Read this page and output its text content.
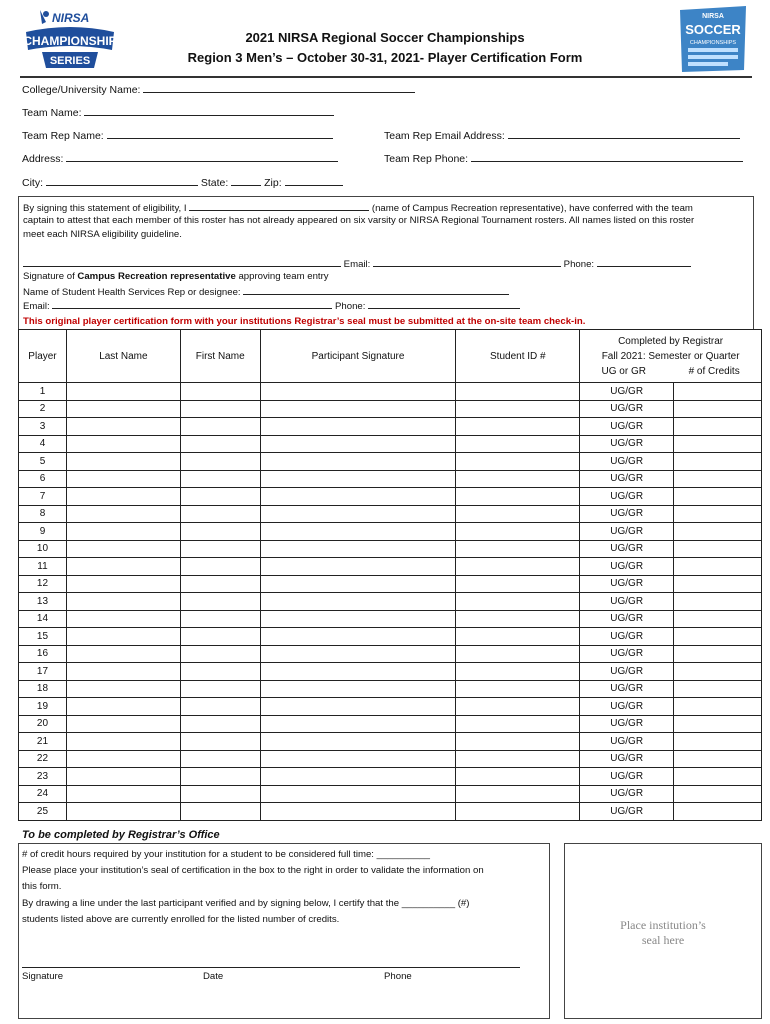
NIRSA
CHAMPIONSHIP
SERIES
NIRSA
SOCCER
CHAMPIONSHIPS
2021 NIRSA Regional Soccer Championships
Region 3 Men’s – October 30-31, 2021- Player Certification Form
College/University Name:
Team Name:
Team Rep Name:	Team Rep Email Address:
Address:	Team Rep Phone:
City:	State:	Zip:
By signing this statement of eligibility, I	(name of Campus Recreation representative), have conferred with the team
captain to attest that each member of this roster has not already appeared on six varsity or NIRSA Regional Tournament rosters. All names listed on this roster
meet each NIRSA eligibility guideline.
Email:	Phone:
Signature of Campus Recreation representative approving team entry
Name of Student Health Services Rep or designee:
Email:	Phone:
This original player certification form with your institutions Registrar’s seal must be submitted at the on-site team check-in.
Player	Last Name	First Name	Participant Signature	Student ID #	Completed by Registrar
Fall 2021: Semester or Quarter
UG or GR # of Credits	

1					UG/GR	
2					UG/GR	
3					UG/GR	
4					UG/GR	
5					UG/GR	
6					UG/GR	
7					UG/GR	
8					UG/GR	
9					UG/GR	
10					UG/GR	
11					UG/GR	
12					UG/GR	
13					UG/GR	
14					UG/GR	
15					UG/GR	
16					UG/GR	
17					UG/GR	
18					UG/GR	
19					UG/GR	
20					UG/GR	
21					UG/GR	
22					UG/GR	
23					UG/GR	
24					UG/GR	
25					UG/GR	
To be completed by Registrar’s Office
# of credit hours required by your institution for a student to be considered full time: __________
Please place your institution’s seal of certification in the box to the right in order to validate the information on
this form.
By drawing a line under the last participant verified and by signing below, I certify that the __________ (#)
students listed above are currently enrolled for the listed number of credits.
Signature	Date	Phone
Place institution’s
seal here
